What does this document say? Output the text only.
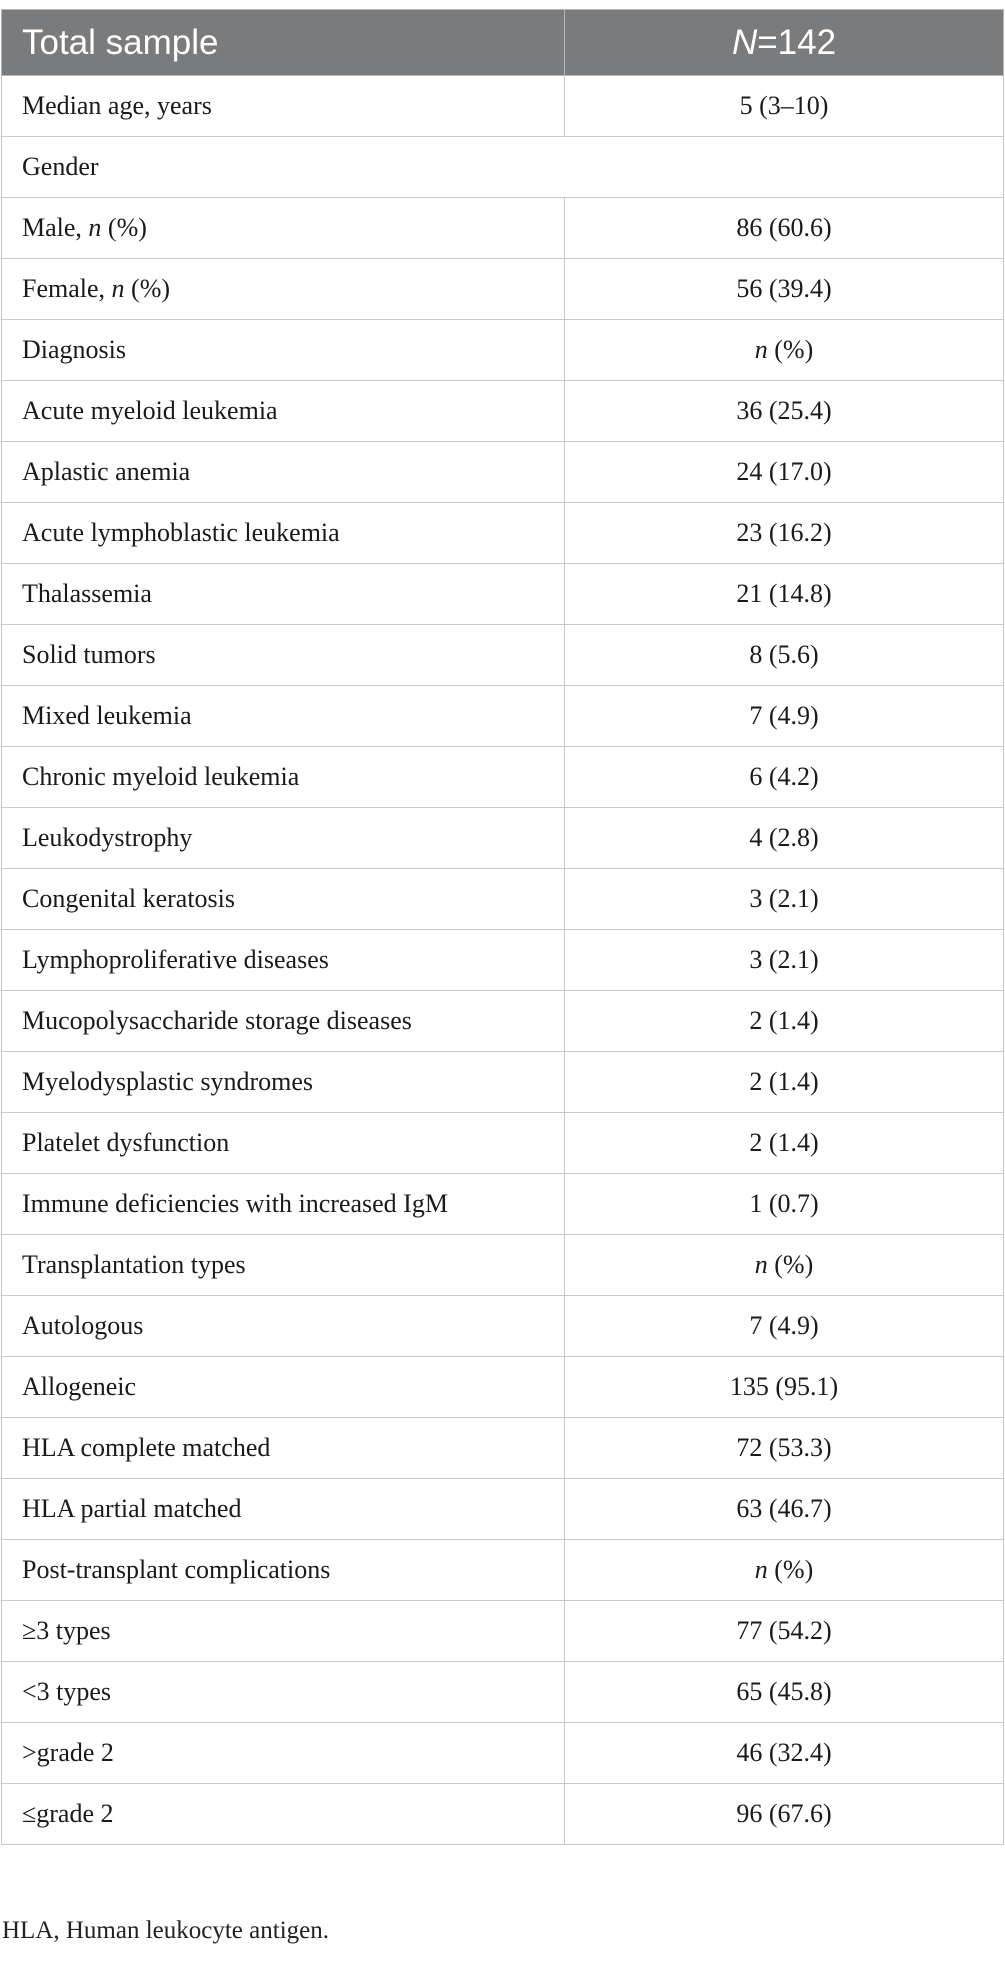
Total sample	N=142
Median age, years	5 (3–10)
Gender	
Male, n (%)	86 (60.6)
Female, n (%)	56 (39.4)
Diagnosis	n (%)
Acute myeloid leukemia	36 (25.4)
Aplastic anemia	24 (17.0)
Acute lymphoblastic leukemia	23 (16.2)
Thalassemia	21 (14.8)
Solid tumors	8 (5.6)
Mixed leukemia	7 (4.9)
Chronic myeloid leukemia	6 (4.2)
Leukodystrophy	4 (2.8)
Congenital keratosis	3 (2.1)
Lymphoproliferative diseases	3 (2.1)
Mucopolysaccharide storage diseases	2 (1.4)
Myelodysplastic syndromes	2 (1.4)
Platelet dysfunction	2 (1.4)
Immune deficiencies with increased IgM	1 (0.7)
Transplantation types	n (%)
Autologous	7 (4.9)
Allogeneic	135 (95.1)
HLA complete matched	72 (53.3)
HLA partial matched	63 (46.7)
Post-transplant complications	n (%)
≥3 types	77 (54.2)
<3 types	65 (45.8)
>grade 2	46 (32.4)
≤grade 2	96 (67.6)
HLA, Human leukocyte antigen.
